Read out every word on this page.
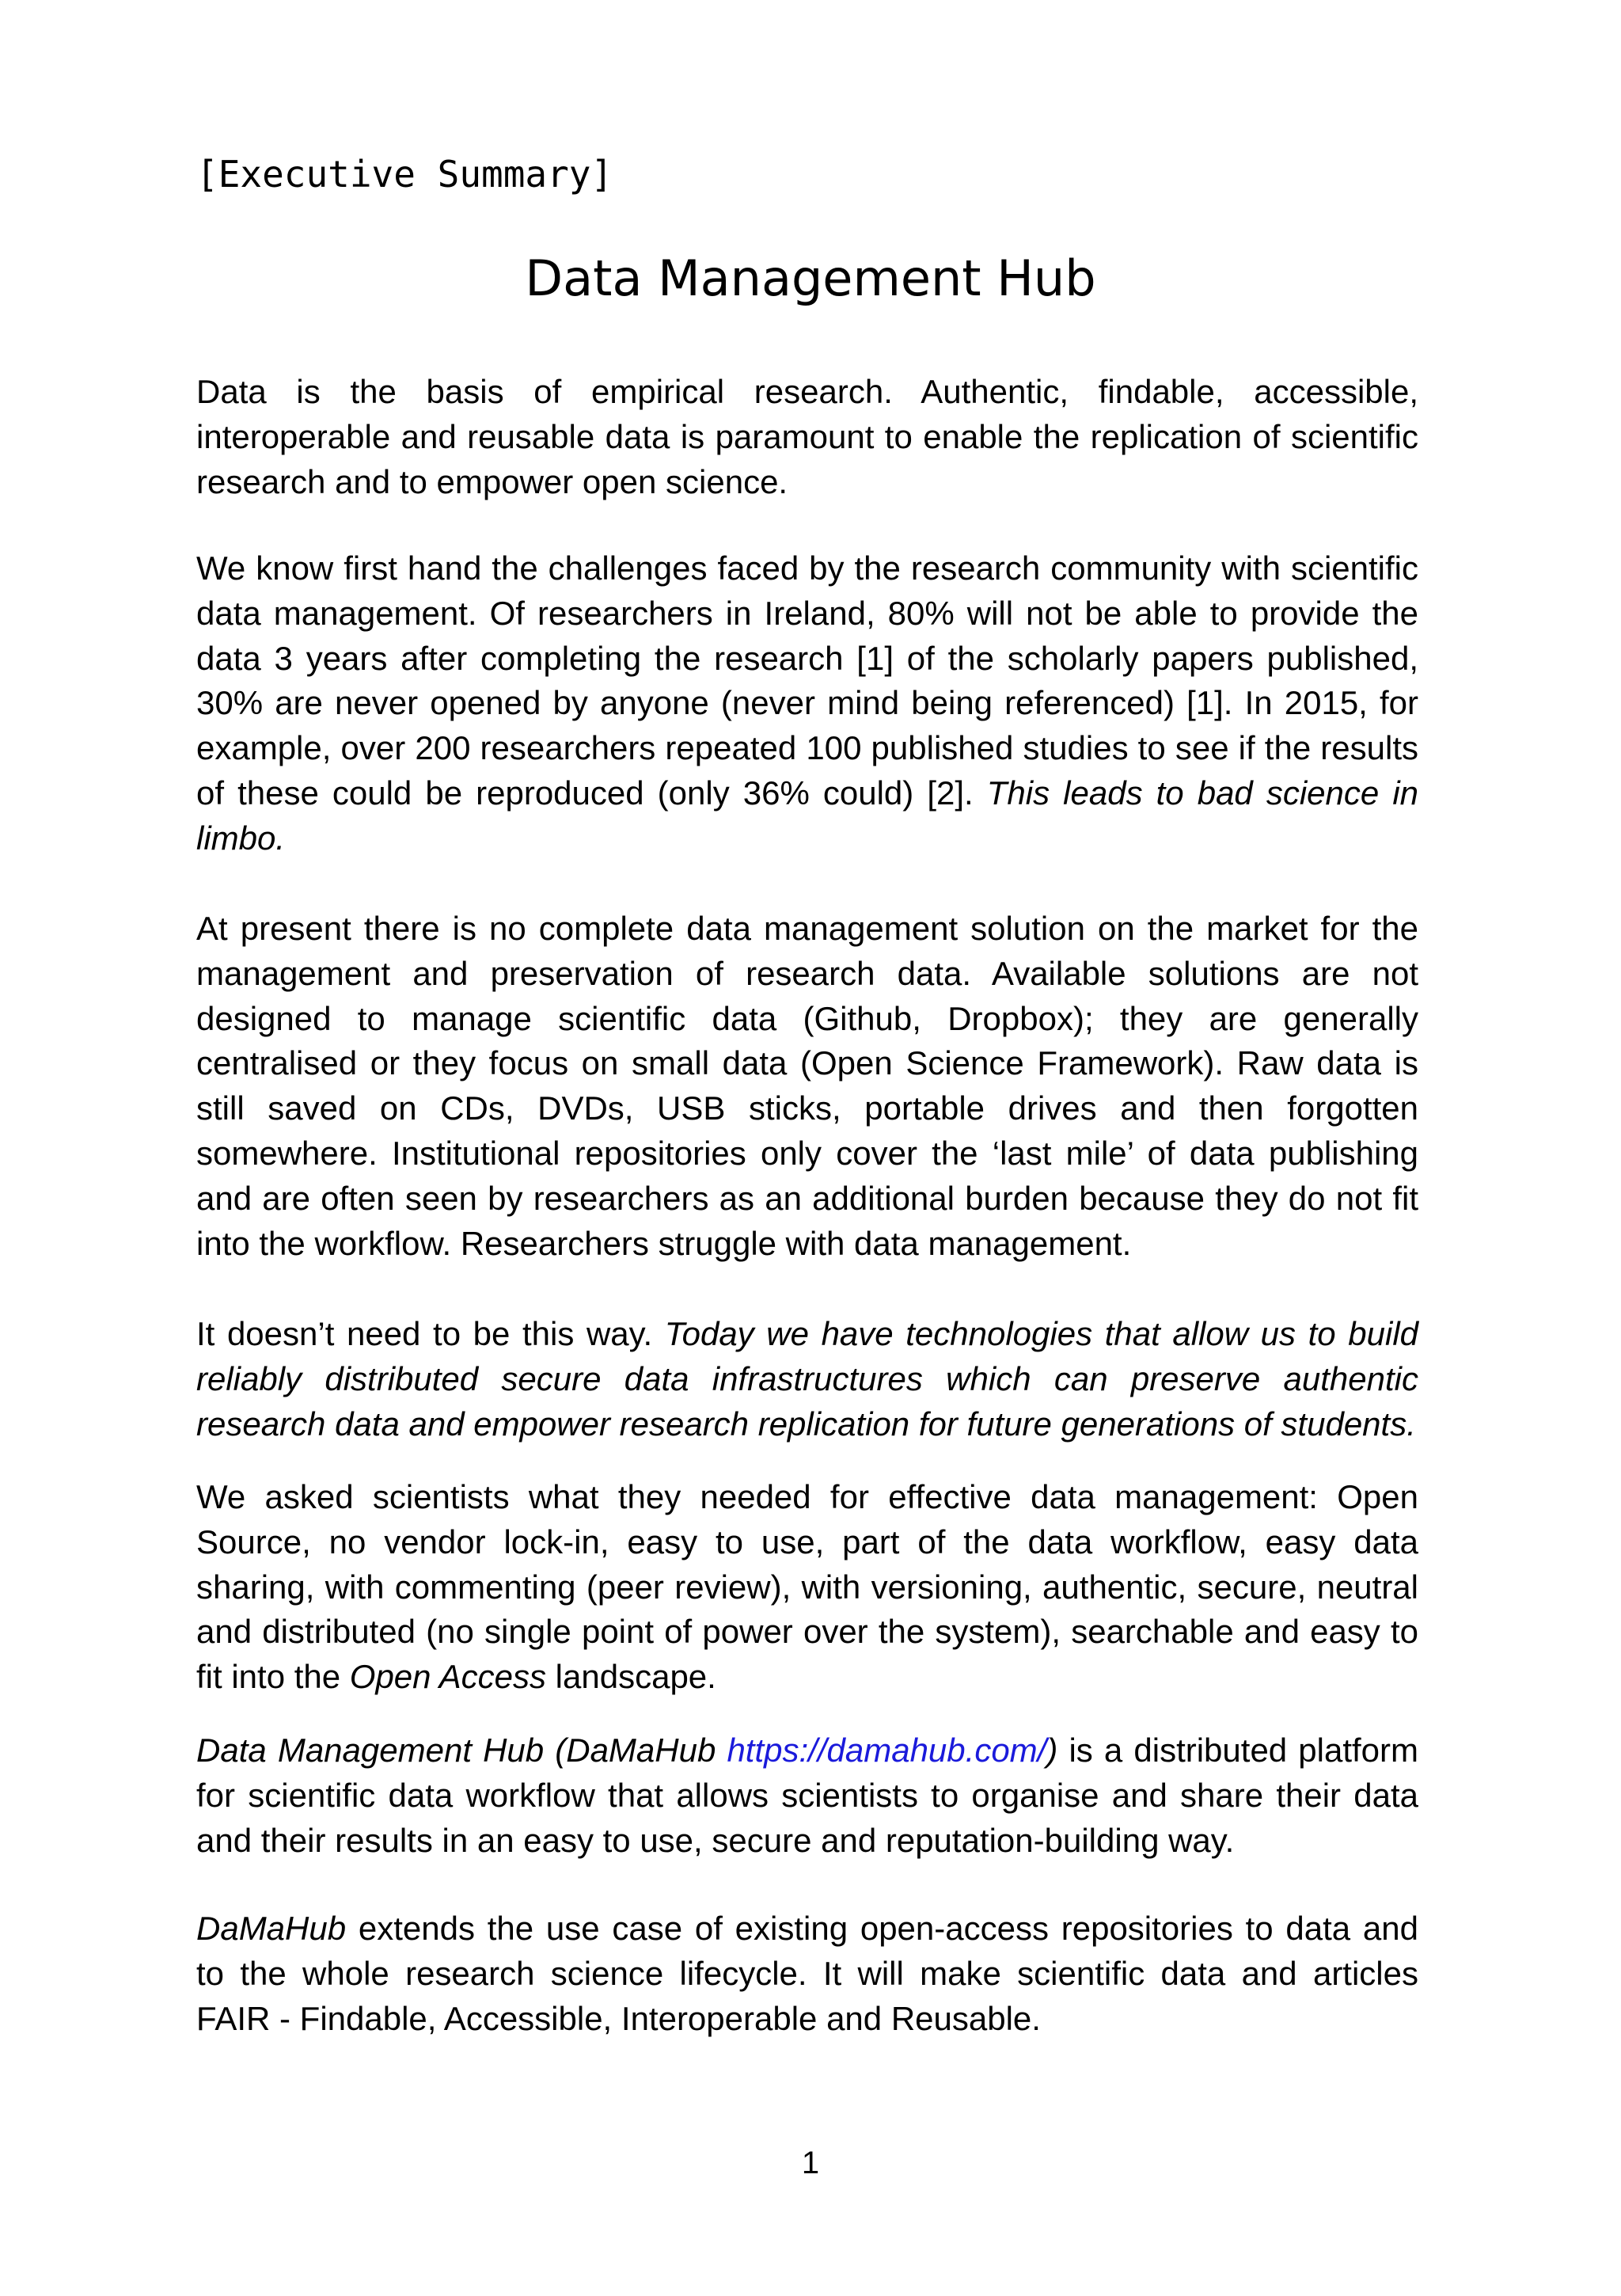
[Executive Summary]
Data Management Hub

Data is the basis of empirical research. Authentic, findable, accessible, interoperable and reusable data is paramount to enable the replication of scientific research and to empower open science.

We know first hand the challenges faced by the research community with scientific data management. Of researchers in Ireland, 80% will not be able to provide the data 3 years after completing the research [1] of the scholarly papers published, 30% are never opened by anyone (never mind being referenced) [1]. In 2015, for example, over 200 researchers repeated 100 published studies to see if the results of these could be reproduced (only 36% could) [2]. This leads to bad science in limbo.

At present there is no complete data management solution on the market for the management and preservation of research data. Available solutions are not designed to manage scientific data (Github, Dropbox); they are generally centralised or they focus on small data (Open Science Framework). Raw data is still saved on CDs, DVDs, USB sticks, portable drives and then forgotten somewhere. Institutional repositories only cover the ‘last mile’ of data publishing and are often seen by researchers as an additional burden because they do not fit into the workflow. Researchers struggle with data management.

It doesn’t need to be this way. Today we have technologies that allow us to build reliably distributed secure data infrastructures which can preserve authentic research data and empower research replication for future generations of students.

We asked scientists what they needed for effective data management: Open Source, no vendor lock-in, easy to use, part of the data workflow, easy data sharing, with commenting (peer review), with versioning, authentic, secure, neutral and distributed (no single point of power over the system), searchable and easy to fit into the Open Access landscape.

Data Management Hub (DaMaHub https://damahub.com/) is a distributed platform for scientific data workflow that allows scientists to organise and share their data and their results in an easy to use, secure and reputation-building way.

DaMaHub extends the use case of existing open-access repositories to data and to the whole research science lifecycle. It will make scientific data and articles FAIR - Findable, Accessible, Interoperable and Reusable.

1
